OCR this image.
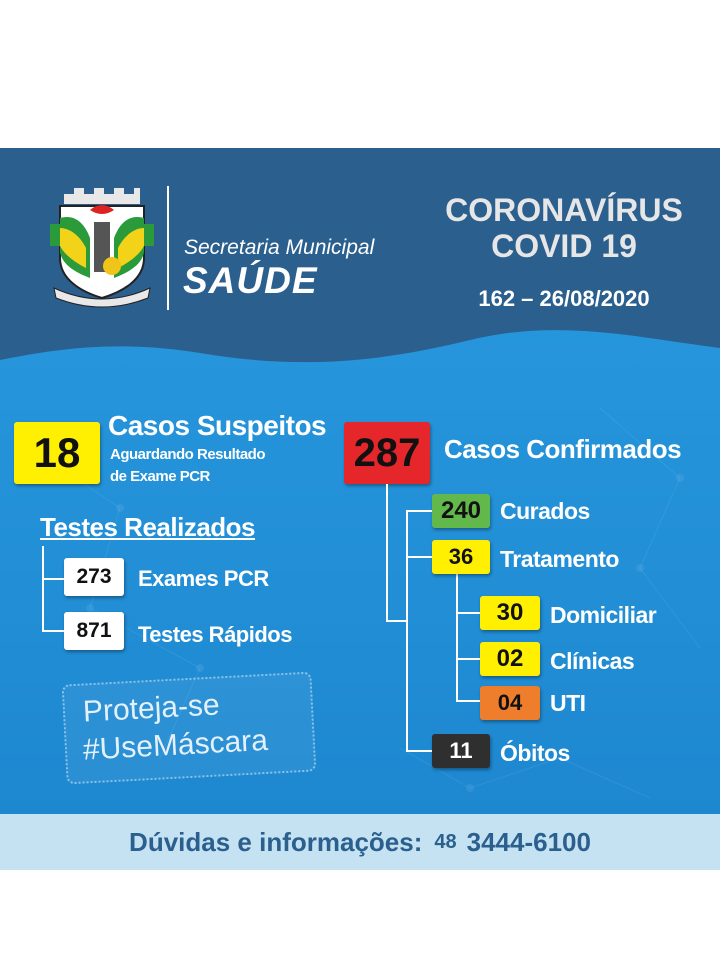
Secretaria Municipal
SAÚDE
CORONAVÍRUS
COVID 19
162 – 26/08/2020
18
Casos Suspeitos
Aguardando Resultado
de Exame PCR
Testes Realizados
273	Exames PCR
871	Testes Rápidos
Proteja-se
#UseMáscara
287 Casos Confirmados
240 Curados
36	Tratamento
30	Domiciliar
02	Clínicas
04	UTI
11	Óbitos
Dúvidas e informações: 48 3444-6100
